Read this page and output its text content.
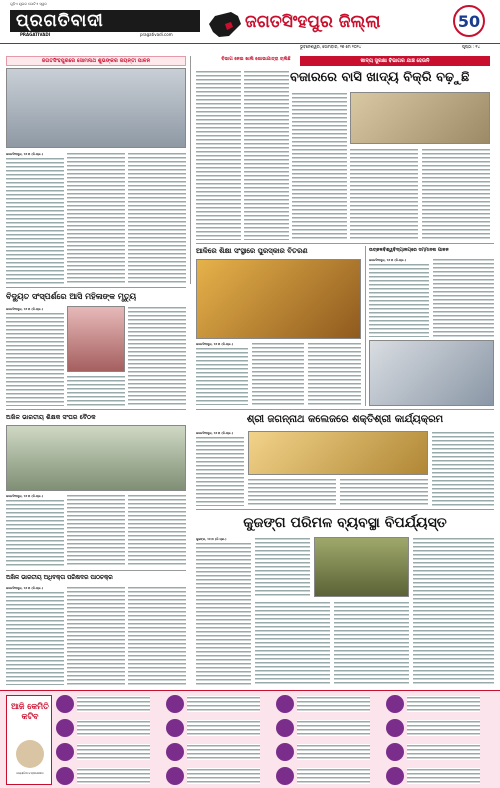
ଗୁଡ଼ିଏ ଯୁଗର ଗୋଟିଏ ସ୍ୱର
ପ୍ରଗତିବାଦୀ
PRAGATIVADI	pragativadi.com
ଜଗତସିଂହପୁର ଜିଲ୍ଲା	50
ଭୁବନେଶ୍ୱର, ସୋମବାର, ୨୭ ମେ ୨୦୨୪	ପୃଷ୍ଠା : ୧୪
ଜଗତସିଂହପୁରରେ ସୋମନାଥ ଶୁଭଙ୍କର ଜୟନ୍ତୀ ପାଳନ
ଜଗତସିଂହପୁର, ୨୬।୫ (ନି.ପ୍ର.)
ବିଭାଗ ନେଇ ଖାଲି ଶୋଭାଯାତ୍ରା ଚାଲିଛି	ଖାଦ୍ୟ ସୁରକ୍ଷା ବିଭାଗର ଯାଞ୍ଚ ହେଉନି
ବଜାରରେ ବାସି ଖାଦ୍ୟ ବିକ୍ରି ବଢ଼ୁଛି
ବିଦ୍ୟୁତ ସଂସ୍ପର୍ଶରେ ଆସି ମହିଳାଙ୍କ ମୃତ୍ୟୁ
ଜଗତସିଂହପୁର, ୨୬।୫ (ନି.ପ୍ର.)
ଆଳିରେ ଶିକ୍ଷା ସଂସ୍ଥାରେ ପୁରସ୍କାର ବିତରଣ
ଜଗତସିଂହପୁର, ୨୬।୫ (ନି.ପ୍ର.)
ଉତ୍କଳବିଶ୍ୱବିଦ୍ୟାଳୟରେ ସମ୍ମାନନା ପାଳନ
ଜଗତସିଂହପୁର, ୨୬।୫ (ନି.ପ୍ର.)
ଅଖିଳ ଭାରତୀୟ ଶିକ୍ଷକ ସଂଘର ବୈଠକ
ଜଗତସିଂହପୁର, ୨୬।୫ (ନି.ପ୍ର.)
ଶ୍ରୀ ଜଗନ୍ନାଥ କଲେଜରେ ଶକ୍ତିଶ୍ରୀ କାର୍ଯ୍ୟକ୍ରମ
ଜଗତସିଂହପୁର, ୨୬।୫ (ନି.ପ୍ର.)
କୁଜଙ୍ଗ ପରିମଳ ବ୍ୟବସ୍ଥା ବିପର୍ଯ୍ୟସ୍ତ
କୁଜଙ୍ଗ, ୨୬।୫ (ନି.ପ୍ର.)
ଅଖିଳ ଭାରତୀୟ ଅଧିବକ୍ତା ପରିଷଦର ପାଠଚକ୍ର
ଜଗତସିଂହପୁର, ୨୬।୫ (ନି.ପ୍ର.)
ଆଜି କେମିତି କଟିବ
ଜ୍ୟୋତିଷ ଚନ୍ଦ୍ରଶେଖର
